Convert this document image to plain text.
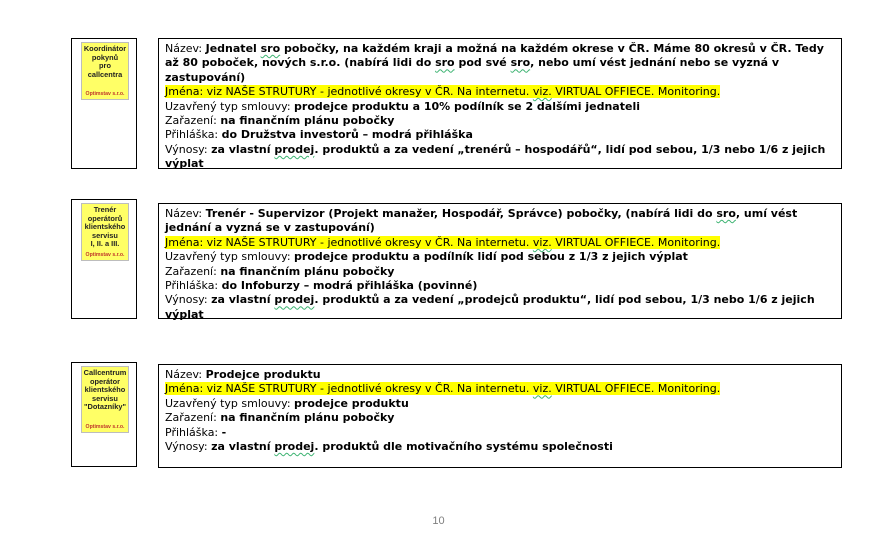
Koordinátor
pokynů
pro
callcentra
Optimstav s.r.o.
Název: Jednatel sro pobočky, na každém kraji a možná na každém okrese v ČR. Máme 80 okresů v ČR. Tedy až 80 poboček, nových s.r.o. (nabírá lidi do sro pod své sro, nebo umí vést jednání nebo se vyzná v zastupování)
Jména: viz NAŠE STRUTURY - jednotlivé okresy v ČR. Na internetu. viz. VIRTUAL OFFIECE. Monitoring.
Uzavřený typ smlouvy: prodejce produktu a 10% podílník se 2 dalšími jednateli
Zařazení: na finančním plánu pobočky
Přihláška: do Družstva investorů – modrá přihláška
Výnosy: za vlastní prodej. produktů a za vedení „trenérů – hospodářů“, lidí pod sebou, 1/3 nebo 1/6 z jejich výplat
Trenér
operátorů
klientského
servisu
I, II. a III.
Optimstav s.r.o.
Název: Trenér - Supervizor (Projekt manažer, Hospodář, Správce) pobočky, (nabírá lidi do sro, umí vést jednání a vyzná se v zastupování)
Jména: viz NAŠE STRUTURY - jednotlivé okresy v ČR. Na internetu. viz. VIRTUAL OFFIECE. Monitoring.
Uzavřený typ smlouvy: prodejce produktu a podílník lidí pod sebou z 1/3 z jejich výplat
Zařazení: na finančním plánu pobočky
Přihláška: do Infoburzy – modrá přihláška (povinné)
Výnosy: za vlastní prodej. produktů a za vedení „prodejců produktu“, lidí pod sebou, 1/3 nebo 1/6 z jejich výplat
Callcentrum
operátor
klientského
servisu
"Dotazníky"
Optimstav s.r.o.
Název: Prodejce produktu
Jména: viz NAŠE STRUTURY - jednotlivé okresy v ČR. Na internetu. viz. VIRTUAL OFFIECE. Monitoring.
Uzavřený typ smlouvy: prodejce produktu
Zařazení: na finančním plánu pobočky
Přihláška: -
Výnosy: za vlastní prodej. produktů dle motivačního systému společnosti
10
